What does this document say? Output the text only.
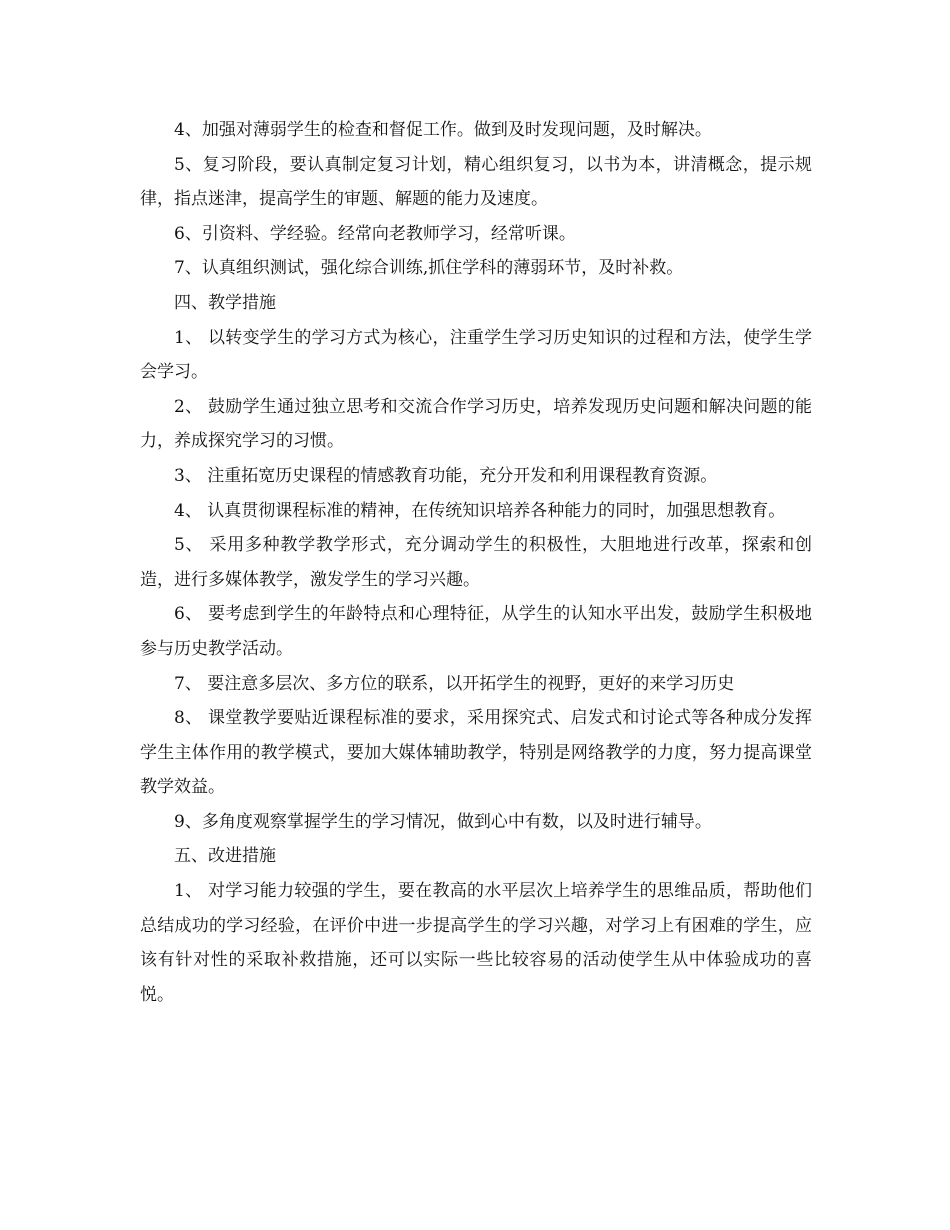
4、加强对薄弱学生的检查和督促工作。做到及时发现问题，及时解决。

5、复习阶段，要认真制定复习计划，精心组织复习，以书为本，讲清概念，提示规律，指点迷津，提高学生的审题、解题的能力及速度。

6、引资料、学经验。经常向老教师学习，经常听课。

7、认真组织测试，强化综合训练,抓住学科的薄弱环节，及时补救。

四、教学措施

1、 以转变学生的学习方式为核心，注重学生学习历史知识的过程和方法，使学生学会学习。

2、 鼓励学生通过独立思考和交流合作学习历史，培养发现历史问题和解决问题的能力，养成探究学习的习惯。

3、 注重拓宽历史课程的情感教育功能，充分开发和利用课程教育资源。

4、 认真贯彻课程标准的精神，在传统知识培养各种能力的同时，加强思想教育。

5、 采用多种教学教学形式，充分调动学生的积极性，大胆地进行改革，探索和创造，进行多媒体教学，激发学生的学习兴趣。

6、 要考虑到学生的年龄特点和心理特征，从学生的认知水平出发，鼓励学生积极地参与历史教学活动。

7、 要注意多层次、多方位的联系，以开拓学生的视野，更好的来学习历史

8、 课堂教学要贴近课程标准的要求，采用探究式、启发式和讨论式等各种成分发挥学生主体作用的教学模式，要加大媒体辅助教学，特别是网络教学的力度，努力提高课堂教学效益。

9、多角度观察掌握学生的学习情况，做到心中有数，以及时进行辅导。

五、改进措施

1、 对学习能力较强的学生，要在教高的水平层次上培养学生的思维品质，帮助他们总结成功的学习经验，在评价中进一步提高学生的学习兴趣，对学习上有困难的学生，应该有针对性的采取补救措施，还可以实际一些比较容易的活动使学生从中体验成功的喜悦。
